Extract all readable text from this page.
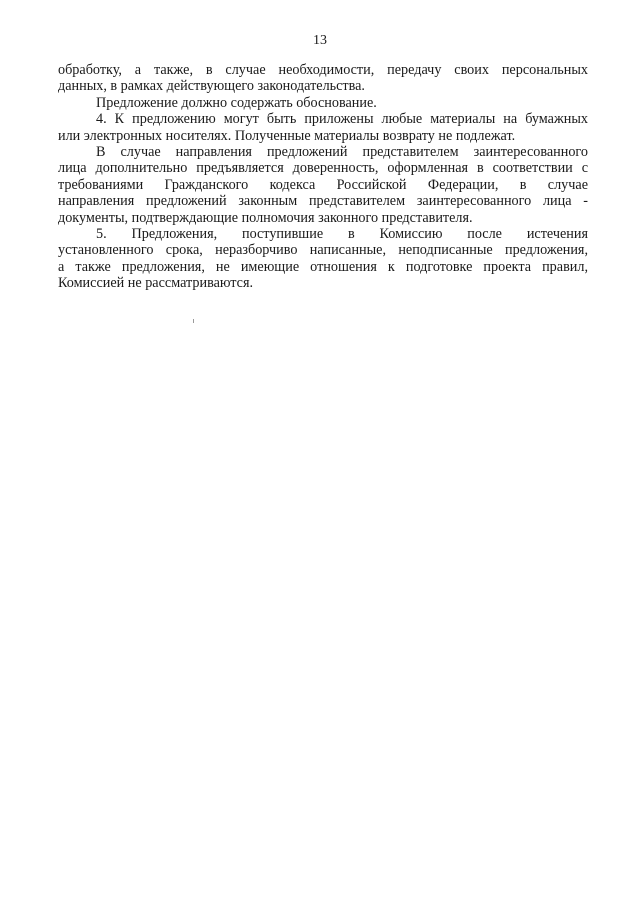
13

обработку, а также, в случае необходимости, передачу своих персональных
данных, в рамках действующего законодательства.

Предложение должно содержать обоснование.

4. К предложению могут быть приложены любые материалы на бумажных
или электронных носителях. Полученные материалы возврату не подлежат.

В случае направления предложений представителем заинтересованного
лица дополнительно предъявляется доверенность, оформленная в соответствии с
требованиями Гражданского кодекса Российской Федерации, в случае
направления предложений законным представителем заинтересованного лица -
документы, подтверждающие полномочия законного представителя.

5. Предложения, поступившие в Комиссию после истечения
установленного срока, неразборчиво написанные, неподписанные предложения,
а также предложения, не имеющие отношения к подготовке проекта правил,
Комиссией не рассматриваются.
